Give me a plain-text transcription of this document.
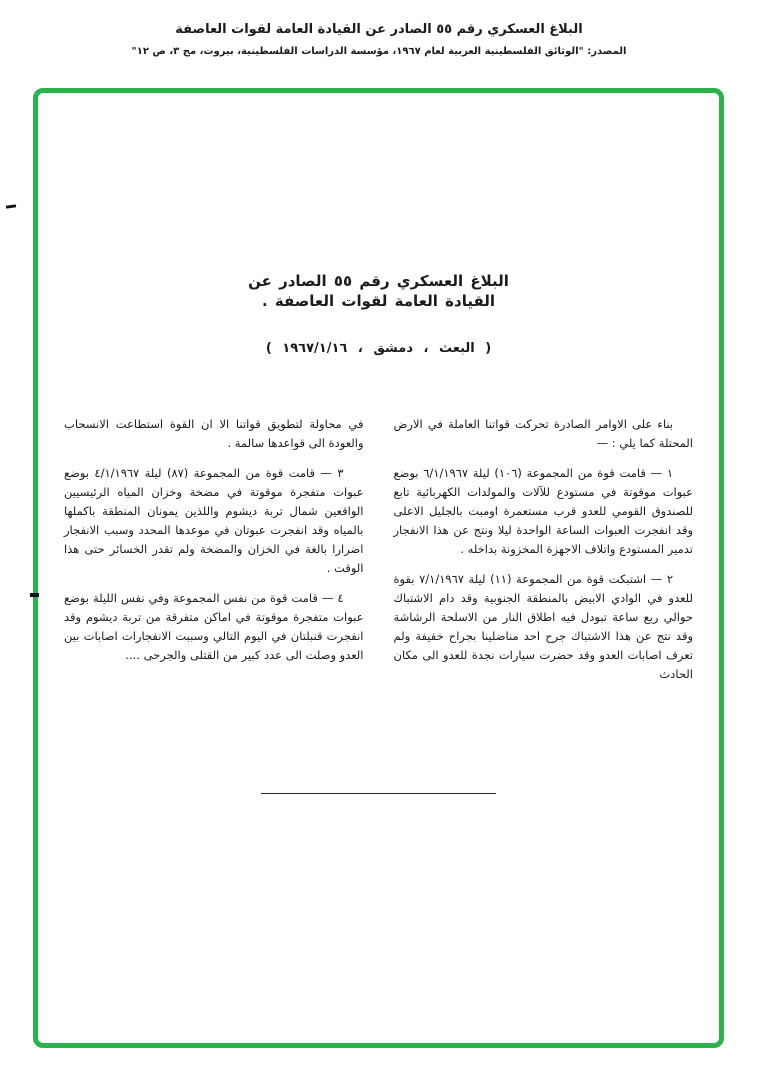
البلاغ العسكري رقم ٥٥ الصادر عن القيادة العامة لقوات العاصفة
المصدر: "الوثائق الفلسطينية العربية لعام ١٩٦٧، مؤسسة الدراسات الفلسطينية، بيروت، مج ٣، ص ١٢"
البلاغ العسكري رقم ٥٥ الصادر عن
القيادة العامة لقوات العاصفة .
( البعث ، دمشق ، ١٩٦٧/١/١٦ )

بناء على الاوامر الصادرة تحركت قواتنا العاملة في الارض المحتلة كما يلي : —

١ — قامت قوة من المجموعة (١٠٦) ليلة ٦/١/١٩٦٧ بوضع عبوات موقوتة في مستودع للآلات والمولدات الكهربائية تابع للصندوق القومي للعدو قرب مستعمرة اومبت بالجليل الاعلى وقد انفجرت العبوات الساعة الواحدة ليلا ونتج عن هذا الانفجار تدمير المستودع واتلاف الاجهزة المخزونة بداخله .

٢ — اشتبكت قوة من المجموعة (١١) ليلة ٧/١/١٩٦٧ بقوة للعدو في الوادي الابيض بالمنطقة الجنوبية وقد دام الاشتباك حوالي ربع ساعة تبودل فيه اطلاق النار من الاسلحة الرشاشة وقد نتج عن هذا الاشتباك جرح احد مناضلينا بجراح خفيفة ولم تعرف اصابات العدو وقد حضرت سيارات نجدة للعدو الى مكان الحادث

في محاولة لتطويق قواتنا الا ان القوة استطاعت الانسحاب والعودة الى قواعدها سالمة .

٣ — قامت قوة من المجموعة (٨٧) ليلة ٤/١/١٩٦٧ بوضع عبوات متفجرة موقوتة في مضخة وخزان المياه الرئيسيين الواقعين شمال تربة ديشوم واللذين يمونان المنطقة باكملها بالمياه وقد انفجرت عبوتان في موعدها المحدد وسبب الانفجار اضرارا بالغة في الخزان والمضخة ولم تقدر الخسائر حتى هذا الوقت .

٤ — قامت قوة من نفس المجموعة وفي نفس الليلة بوضع عبوات متفجرة موقوتة في اماكن متفرقة من تربة ديشوم وقد انفجرت قنبلتان في اليوم التالي وسببت الانفجارات اصابات بين العدو وصلت الى عدد كبير من القتلى والجرحى ....
